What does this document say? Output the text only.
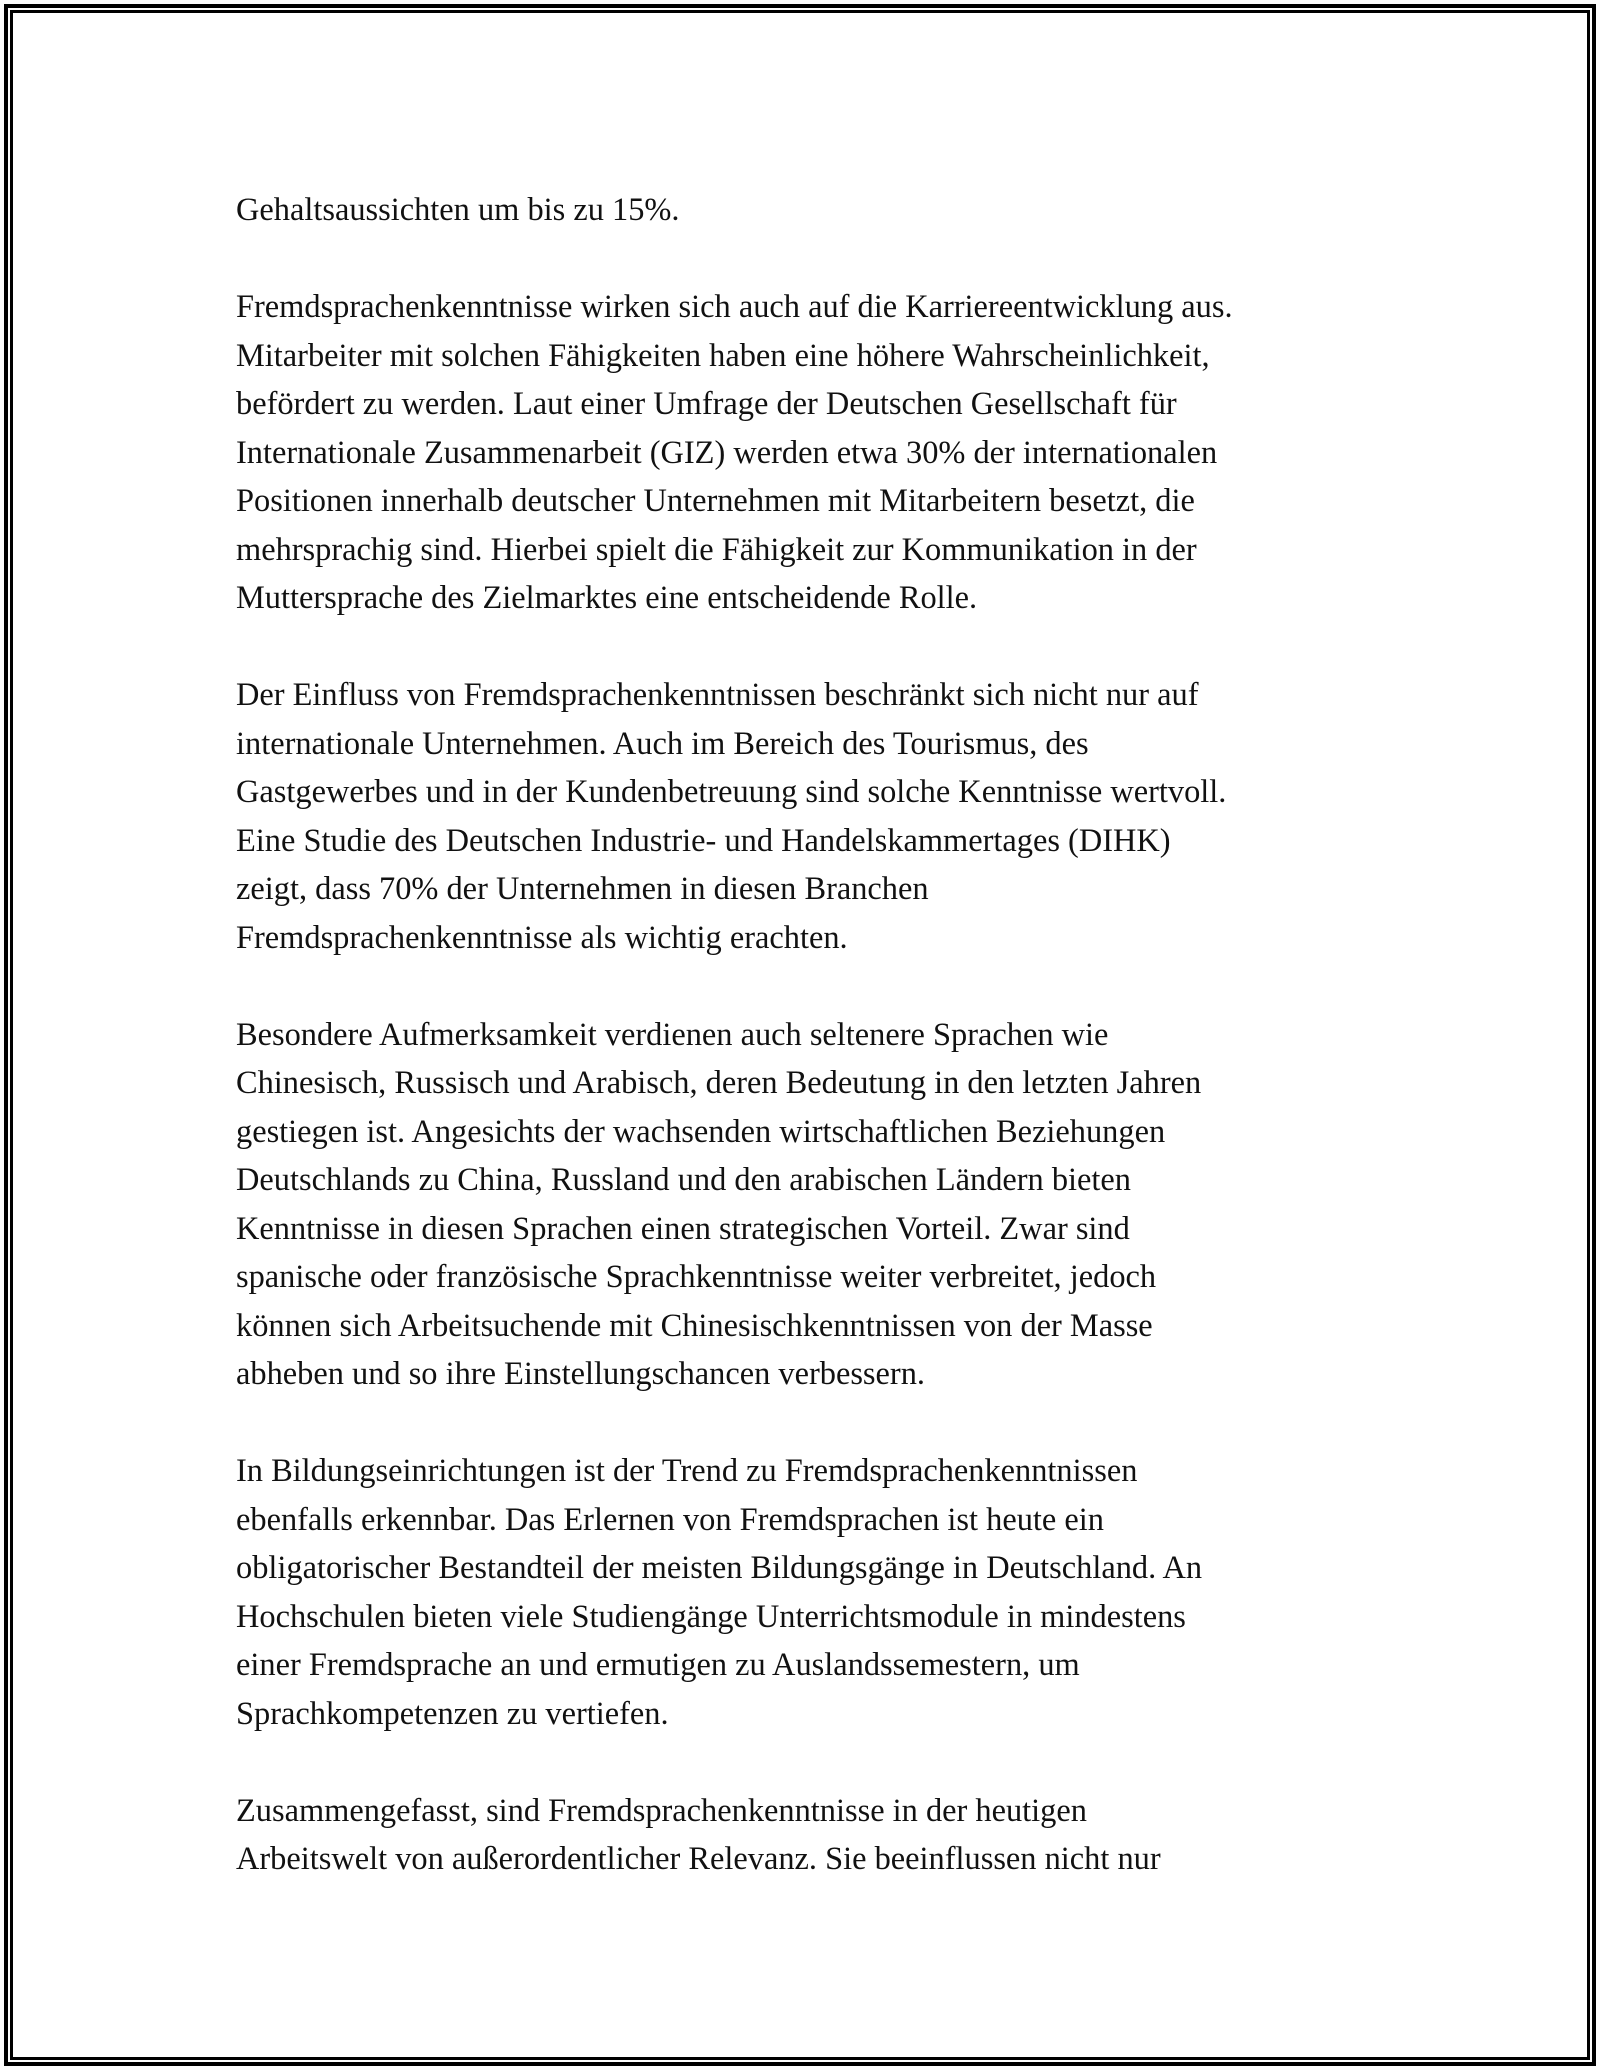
Gehaltsaussichten um bis zu 15%.

Fremdsprachenkenntnisse wirken sich auch auf die Karriereentwicklung aus.
Mitarbeiter mit solchen Fähigkeiten haben eine höhere Wahrscheinlichkeit,
befördert zu werden. Laut einer Umfrage der Deutschen Gesellschaft für
Internationale Zusammenarbeit (GIZ) werden etwa 30% der internationalen
Positionen innerhalb deutscher Unternehmen mit Mitarbeitern besetzt, die
mehrsprachig sind. Hierbei spielt die Fähigkeit zur Kommunikation in der
Muttersprache des Zielmarktes eine entscheidende Rolle.

Der Einfluss von Fremdsprachenkenntnissen beschränkt sich nicht nur auf
internationale Unternehmen. Auch im Bereich des Tourismus, des
Gastgewerbes und in der Kundenbetreuung sind solche Kenntnisse wertvoll.
Eine Studie des Deutschen Industrie- und Handelskammertages (DIHK)
zeigt, dass 70% der Unternehmen in diesen Branchen
Fremdsprachenkenntnisse als wichtig erachten.

Besondere Aufmerksamkeit verdienen auch seltenere Sprachen wie
Chinesisch, Russisch und Arabisch, deren Bedeutung in den letzten Jahren
gestiegen ist. Angesichts der wachsenden wirtschaftlichen Beziehungen
Deutschlands zu China, Russland und den arabischen Ländern bieten
Kenntnisse in diesen Sprachen einen strategischen Vorteil. Zwar sind
spanische oder französische Sprachkenntnisse weiter verbreitet, jedoch
können sich Arbeitsuchende mit Chinesischkenntnissen von der Masse
abheben und so ihre Einstellungschancen verbessern.

In Bildungseinrichtungen ist der Trend zu Fremdsprachenkenntnissen
ebenfalls erkennbar. Das Erlernen von Fremdsprachen ist heute ein
obligatorischer Bestandteil der meisten Bildungsgänge in Deutschland. An
Hochschulen bieten viele Studiengänge Unterrichtsmodule in mindestens
einer Fremdsprache an und ermutigen zu Auslandssemestern, um
Sprachkompetenzen zu vertiefen.

Zusammengefasst, sind Fremdsprachenkenntnisse in der heutigen
Arbeitswelt von außerordentlicher Relevanz. Sie beeinflussen nicht nur
